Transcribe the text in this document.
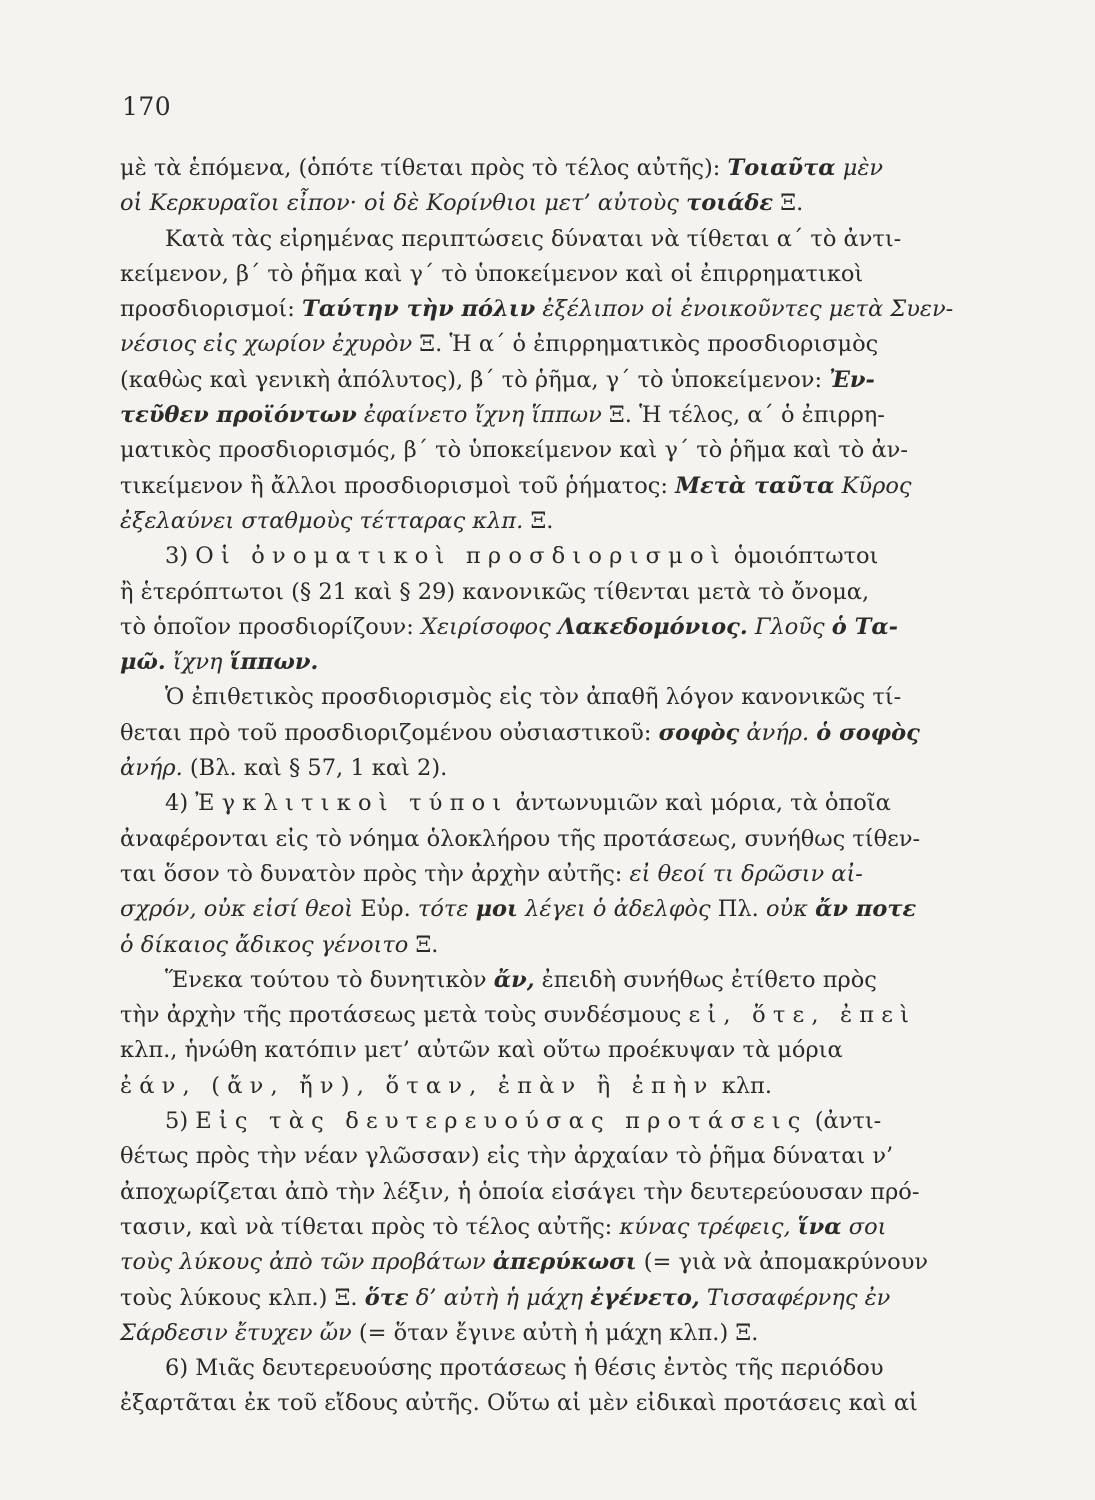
170
μὲ τὰ ἑπόμενα, (ὁπότε τίθεται πρὸς τὸ τέλος αὐτῆς): Τοιαῦτα μὲν
οἱ Κερκυραῖοι εἶπον· οἱ δὲ Κορίνθιοι μετ’ αὐτοὺς τοιάδε Ξ.
  Κατὰ τὰς εἰρημένας περιπτώσεις δύναται νὰ τίθεται α΄ τὸ ἀντι-
κείμενον, β΄ τὸ ῥῆμα καὶ γ΄ τὸ ὑποκείμενον καὶ οἱ ἐπιρρηματικοὶ
προσδιορισμοί: Ταύτην τὴν πόλιν ἐξέλιπον οἱ ἐνοικοῦντες μετὰ Συεν-
νέσιος εἰς χωρίον ἐχυρὸν Ξ. Ἡ α΄ ὁ ἐπιρρηματικὸς προσδιορισμὸς
(καθὼς καὶ γενικὴ ἀπόλυτος), β΄ τὸ ῥῆμα, γ΄ τὸ ὑποκείμενον: Ἐν-
τεῦθεν προϊόντων ἐφαίνετο ἴχνη ἵππων Ξ. Ἡ τέλος, α΄ ὁ ἐπιρρη-
ματικὸς προσδιορισμός, β΄ τὸ ὑποκείμενον καὶ γ΄ τὸ ῥῆμα καὶ τὸ ἀν-
τικείμενον ἢ ἄλλοι προσδιορισμοὶ τοῦ ῥήματος: Μετὰ ταῦτα Κῦρος
ἐξελαύνει σταθμοὺς τέτταρας κλπ. Ξ.
  3) Οἱ ὀνοματικοὶ προσδιορισμοὶ ὁμοιόπτωτοι
ἢ ἑτερόπτωτοι (§ 21 καὶ § 29) κανονικῶς τίθενται μετὰ τὸ ὄνομα,
τὸ ὁποῖον προσδιορίζουν: Χειρίσοφος Λακεδομόνιος. Γλοῦς ὁ Τα-
μῶ. ἴχνη ἵππων.
  Ὁ ἐπιθετικὸς προσδιορισμὸς εἰς τὸν ἀπαθῆ λόγον κανονικῶς τί-
θεται πρὸ τοῦ προσδιοριζομένου οὐσιαστικοῦ: σοφὸς ἀνήρ. ὁ σοφὸς
ἀνήρ. (Βλ. καὶ § 57, 1 καὶ 2).
  4) Ἐγκλιτικοὶ τύποι ἀντωνυμιῶν καὶ μόρια, τὰ ὁποῖα
ἀναφέρονται εἰς τὸ νόημα ὁλοκλήρου τῆς προτάσεως, συνήθως τίθεν-
ται ὅσον τὸ δυνατὸν πρὸς τὴν ἀρχὴν αὐτῆς: εἰ θεοί τι δρῶσιν αἰ-
σχρόν, οὐκ εἰσί θεοὶ Εὐρ. τότε μοι λέγει ὁ ἀδελφὸς Πλ. οὐκ ἄν ποτε
ὁ δίκαιος ἄδικος γένοιτο Ξ.
  Ἕνεκα τούτου τὸ δυνητικὸν ἄν, ἐπειδὴ συνήθως ἐτίθετο πρὸς
τὴν ἀρχὴν τῆς προτάσεως μετὰ τοὺς συνδέσμους εἰ, ὅτε, ἐπεὶ
κλπ., ἡνώθη κατόπιν μετ’ αὐτῶν καὶ οὕτω προέκυψαν τὰ μόρια
ἐάν, (ἄν, ἤν), ὅταν, ἐπὰν ἢ ἐπὴν κλπ.
  5) Εἰς τὰς δευτερευούσας προτάσεις (ἀντι-
θέτως πρὸς τὴν νέαν γλῶσσαν) εἰς τὴν ἀρχαίαν τὸ ῥῆμα δύναται ν’
ἀποχωρίζεται ἀπὸ τὴν λέξιν, ἡ ὁποία εἰσάγει τὴν δευτερεύουσαν πρό-
τασιν, καὶ νὰ τίθεται πρὸς τὸ τέλος αὐτῆς: κύνας τρέφεις, ἵνα σοι
τοὺς λύκους ἀπὸ τῶν προβάτων ἀπερύκωσι (= γιὰ νὰ ἀπομακρύνουν
τοὺς λύκους κλπ.) Ξ. ὅτε δ’ αὐτὴ ἡ μάχη ἐγένετο, Τισσαφέρνης ἐν
Σάρδεσιν ἔτυχεν ὤν (= ὅταν ἔγινε αὐτὴ ἡ μάχη κλπ.) Ξ.
  6) Μιᾶς δευτερευούσης προτάσεως ἡ θέσις ἐντὸς τῆς περιόδου
ἐξαρτᾶται ἐκ τοῦ εἴδους αὐτῆς. Οὕτω αἱ μὲν εἰδικαὶ προτάσεις καὶ αἱ
